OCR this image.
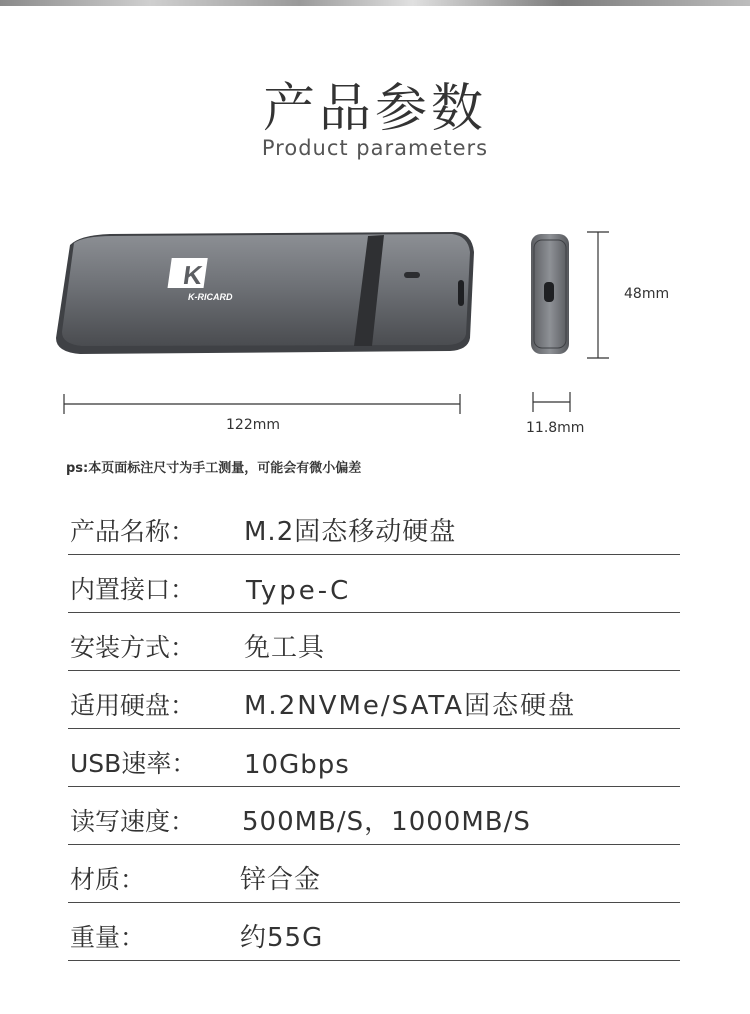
产品参数
Product parameters
K
K-RICARD	48mm
122mm	11.8mm
ps:本页面标注尺寸为手工测量，可能会有微小偏差
产品名称： M.2固态移动硬盘
内置接口： Type-C
安装方式： 免工具
适用硬盘： M.2NVMe/SATA固态硬盘
USB速率： 10Gbps
读写速度： 500MB/S，1000MB/S
材质：	锌合金
重量：	约55G
